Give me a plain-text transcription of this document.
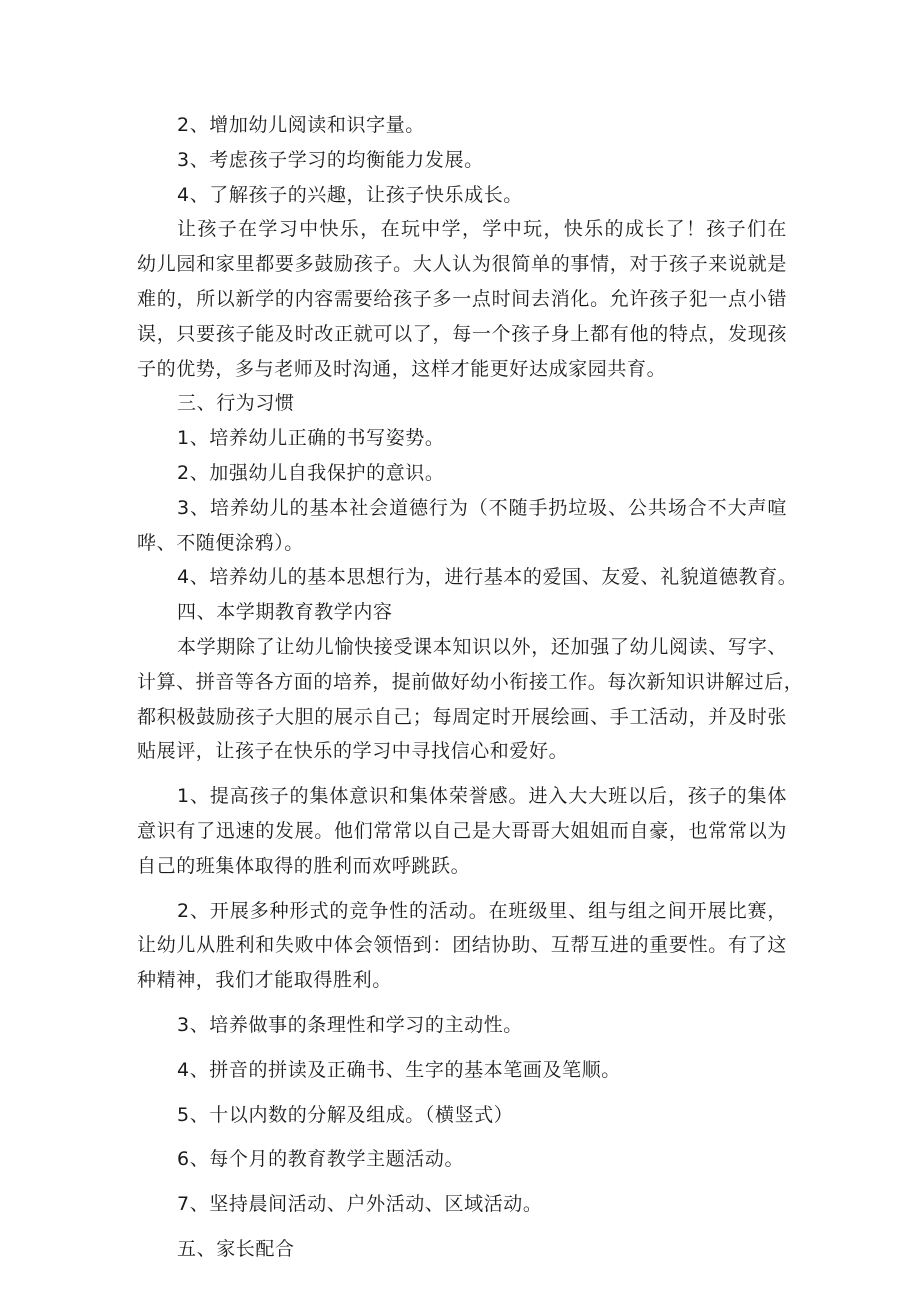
2、增加幼儿阅读和识字量。
3、考虑孩子学习的均衡能力发展。
4、了解孩子的兴趣，让孩子快乐成长。
让孩子在学习中快乐，在玩中学，学中玩，快乐的成长了！孩子们在
幼儿园和家里都要多鼓励孩子。大人认为很简单的事情，对于孩子来说就是
难的，所以新学的内容需要给孩子多一点时间去消化。允许孩子犯一点小错
误，只要孩子能及时改正就可以了，每一个孩子身上都有他的特点，发现孩
子的优势，多与老师及时沟通，这样才能更好达成家园共育。
三、行为习惯
1、培养幼儿正确的书写姿势。
2、加强幼儿自我保护的意识。
3、培养幼儿的基本社会道德行为（不随手扔垃圾、公共场合不大声喧
哗、不随便涂鸦）。
4、培养幼儿的基本思想行为，进行基本的爱国、友爱、礼貌道德教育。
四、本学期教育教学内容
本学期除了让幼儿愉快接受课本知识以外，还加强了幼儿阅读、写字、
计算、拼音等各方面的培养，提前做好幼小衔接工作。每次新知识讲解过后，
都积极鼓励孩子大胆的展示自己；每周定时开展绘画、手工活动，并及时张
贴展评，让孩子在快乐的学习中寻找信心和爱好。
1、提高孩子的集体意识和集体荣誉感。进入大大班以后，孩子的集体
意识有了迅速的发展。他们常常以自己是大哥哥大姐姐而自豪，也常常以为
自己的班集体取得的胜利而欢呼跳跃。
2、开展多种形式的竞争性的活动。在班级里、组与组之间开展比赛，
让幼儿从胜利和失败中体会领悟到：团结协助、互帮互进的重要性。有了这
种精神，我们才能取得胜利。
3、培养做事的条理性和学习的主动性。
4、拼音的拼读及正确书、生字的基本笔画及笔顺。
5、十以内数的分解及组成。（横竖式）
6、每个月的教育教学主题活动。
7、坚持晨间活动、户外活动、区域活动。
五、家长配合
